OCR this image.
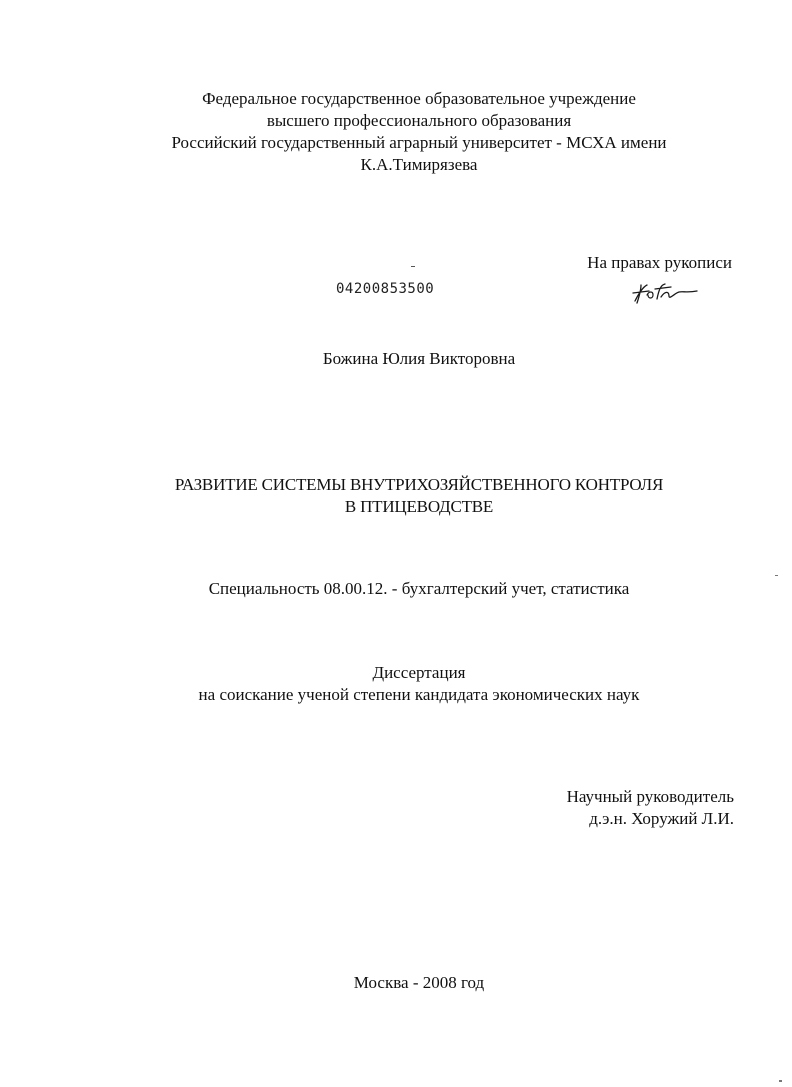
Федеральное государственное образовательное учреждение
высшего профессионального образования
Российский государственный аграрный университет - МСХА имени
К.А.Тимирязева
На правах рукописи
04200853500
Божина Юлия Викторовна
РАЗВИТИЕ СИСТЕМЫ ВНУТРИХОЗЯЙСТВЕННОГО КОНТРОЛЯ
В ПТИЦЕВОДСТВЕ
Специальность 08.00.12. - бухгалтерский учет, статистика
Диссертация
на соискание ученой степени кандидата экономических наук
Научный руководитель
д.э.н. Хоружий Л.И.
Москва - 2008 год
